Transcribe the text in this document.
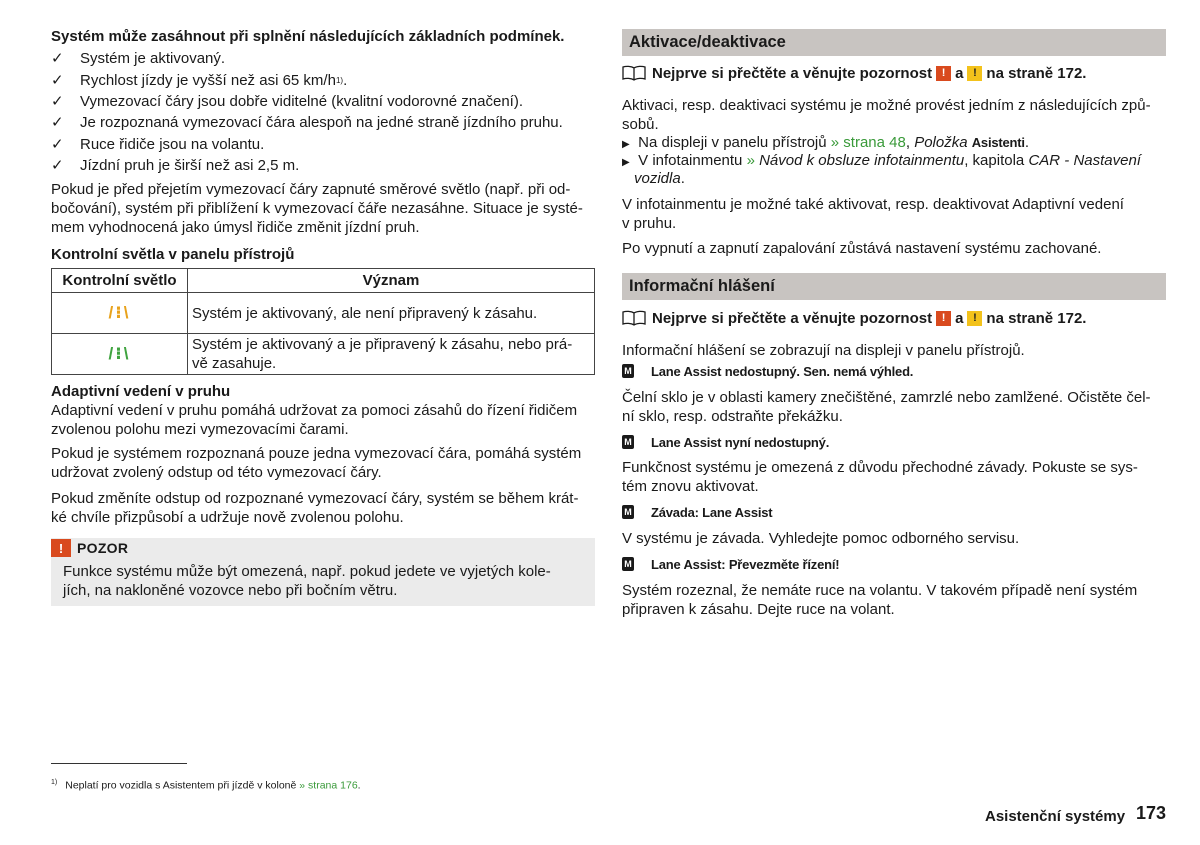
Systém může zasáhnout při splnění následujících základních podmínek.

✓	Systém je aktivovaný.
✓	Rychlost jízdy je vyšší než asi 65 km/h 1) .
✓	Vymezovací čáry jsou dobře viditelné (kvalitní vodorovné značení).
✓	Je rozpoznaná vymezovací čára alespoň na jedné straně jízdního pruhu.
✓	Ruce řidiče jsou na volantu.
✓	Jízdní pruh je širší než asi 2,5 m.
Pokud je před přejetím vymezovací čáry zapnuté směrové světlo (např. při od-
bočování), systém při přiblížení k vymezovací čáře nezasáhne. Situace je systé-
mem vyhodnocená jako úmysl řidiče změnit jízdní pruh.

Kontrolní světla v panelu přístrojů

Kontrolní světlo	Význam
/⁝\	Systém je aktivovaný, ale není připravený k zásahu.
/⁝\	Systém je aktivovaný a je připravený k zásahu, nebo prá-
vě zasahuje.

Adaptivní vedení v pruhu

Adaptivní vedení v pruhu pomáhá udržovat za pomoci zásahů do řízení řidičem
zvolenou polohu mezi vymezovacími čarami.
Pokud je systémem rozpoznaná pouze jedna vymezovací čára, pomáhá systém
udržovat zvolený odstup od této vymezovací čáry.
Pokud změníte odstup od rozpoznané vymezovací čáry, systém se během krát-
ké chvíle přizpůsobí a udržuje nově zvolenou polohu.
! POZOR
Funkce systému může být omezená, např. pokud jedete ve vyjetých kole-
jích, na nakloněné vozovce nebo při bočním větru.
Aktivace/deaktivace
Nejprve si přečtěte a věnujte pozornost ! a ! na straně 172.
Aktivaci, resp. deaktivaci systému je možné provést jedním z následujících způ-
sobů.
▶ Na displeji v panelu přístrojů » strana 48, Položka Asistenti.
▶ V infotainmentu » Návod k obsluze infotainmentu, kapitola CAR - Nastavení
vozidla.
V infotainmentu je možné také aktivovat, resp. deaktivovat Adaptivní vedení
v pruhu.

Po vypnutí a zapnutí zapalování zůstává nastavení systému zachované.

Informační hlášení
Nejprve si přečtěte a věnujte pozornost ! a ! na straně 172.

Informační hlášení se zobrazují na displeji v panelu přístrojů.

M Lane Assist nedostupný. Sen. nemá výhled.
Čelní sklo je v oblasti kamery znečištěné, zamrzlé nebo zamlžené. Očistěte čel-
ní sklo, resp. odstraňte překážku.
M Lane Assist nyní nedostupný.
Funkčnost systému je omezená z důvodu přechodné závady. Pokuste se sys-
tém znovu aktivovat.
M Závada: Lane Assist
V systému je závada. Vyhledejte pomoc odborného servisu.
M Lane Assist: Převezměte řízení!
Systém rozeznal, že nemáte ruce na volantu. V takovém případě není systém
připraven k zásahu. Dejte ruce na volant.
$^{1)}$ Neplatí pro vozidla s Asistentem při jízdě v koloně » strana 176.
Asistenční systémy 173
